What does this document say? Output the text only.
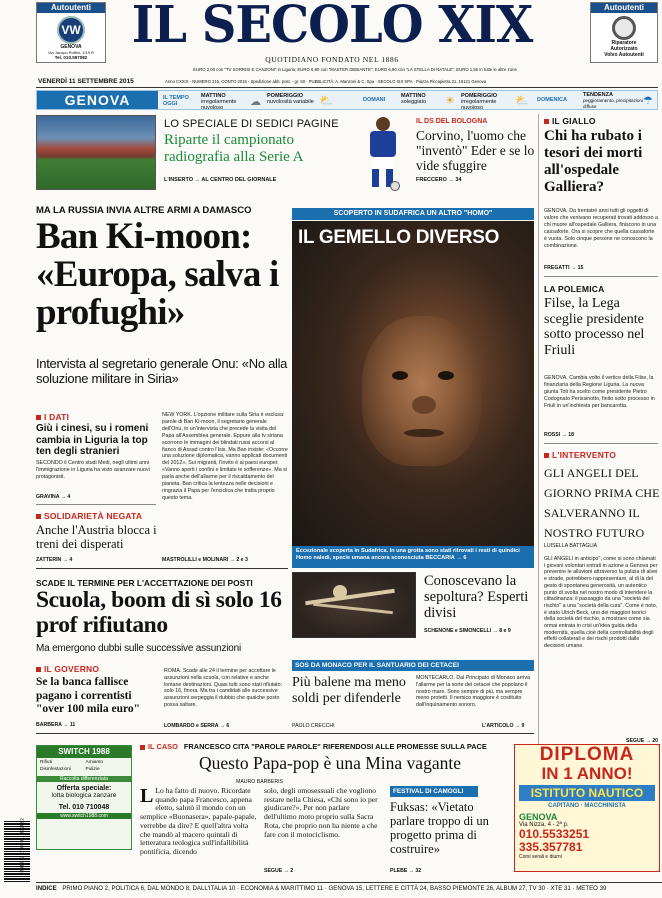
Autoutenti
VW
GENOVA
Via Jacopo Ruffini, 1/19 R
Tel. 010.597082
IL SECOLO XIX
QUOTIDIANO FONDATO NEL 1886
Autoutenti
Riparatore
Autorizzato
Volvo Autoutenti
EURO 2,00 con "TV SORRISI E CANZONI" in Liguria; EURO 6,80 con "MASTER DEBIANTE"; EURO 6,90 con "LA STELLA DI NATALE"; EURO 1,50 in tutte le altre zone
VENERDÌ 11 SETTEMBRE 2015	Anno CXXIX - NUMERO 215, CONTO 2015 - Spedizione abb. post. - gr. 50 · PUBBLICITÀ: A. Manzoni & C. Spa · SECOLO XIX SPA - Piazza Piccapietra 21, 16121 Genova
GENOVA	IL TEMPO OGGI
MATTINO
irregolarmente nuvoloso	☁ POMERIGGIO
nuvolosità variabile ⛅	DOMANI
MATTINO
soleggiato	☀ POMERIGGIO
irregolarmente nuvoloso
⛅ DOMENICA
TENDENZA
peggioramento, precipitazioni diffuse	☂
LO SPECIALE DI SEDICI PAGINE
Riparte il campionato radiografia alla Serie A
L'INSERTO → AL CENTRO DEL GIORNALE
IL DS DEL BOLOGNA
Corvino, l'uomo che "inventò" Eder e se lo vide sfuggire
FRECCERO → 34
IL GIALLO
Chi ha rubato i tesori dei morti all'ospedale Galliera?
GENOVA. Da trentatré anni tutti gli oggetti di valore che venivano recuperati trovati addosso a chi muore all'ospedale Galliera, finiscono in una cassaforte. Ora si scopre che quella cassaforte è vuota. Solo cinque persone ne conoscono la combinazione.
FREGATTI → 15
LA POLEMICA
Filse, la Lega sceglie presidente sotto processo nel Friuli
GENOVA. Cambia volto il vertice della Filse, la finanziaria della Regione Liguria. La nuova giunta Toti ha scelto come presidente Pietro Codognato Perissinotto, finito sotto processo in Friuli in un'inchiesta per bancarotta.
ROSSI → 18
L'INTERVENTO
GLI ANGELI DEL GIORNO PRIMA CHE SALVERANNO IL NOSTRO FUTURO
LUISELLA BATTAGLIA
GLI ANGELI in anticipo", come si sono chiamati i giovani volontari entrati in azione a Genova per prevenire le alluvioni attraverso la pulizia di alvei e strade, potrebbero rappresentare, al di là del gesto di spontanea generosità, un autentico punto di svolta nel nostro modo di intendere la cittadinanza: il passaggio da una "società del rischio" a una "società della cura". Come è noto, è stato Ulrich Beck, uno dei maggiori teorici della società del rischio, a mostrare come sia ormai entrata in crisi un'idea guida della modernità, quella cioè della controllabilità degli effetti collaterali e dei rischi prodotti dalle decisioni umane.
SEGUE → 20
MA LA RUSSIA INVIA ALTRE ARMI A DAMASCO
Ban Ki-moon: «Europa, salva i profughi»
Intervista al segretario generale Onu: «No alla soluzione militare in Siria»
NEW YORK. L'opzione militare sulla Siria è esclusa: parole di Ban Ki-moon, il segretario generale dell'Onu, in un'intervista che precede la visita del Papa all'Assemblea generale. Eppure alla tv siriana scorrono le immagini dei blindati russi accorsi al fianco di Assad contro l'Isis. Ma Ban insiste: «Occorre una soluzione diplomatica, vanno applicati documenti del 2012». Sui migranti, l'invito è ai paesi europei: «Vanno aperti i confini e limitate le sofferenze». Ma si parla anche dell'allarme per il riscaldamento del pianeta. Ban critica la lentezza nelle decisioni e ringrazia il Papa per l'enciclica che tratta proprio questo tema.
MASTROLILLI e MOLINARI → 2 e 3
I DATI
Giù i cinesi, su i romeni cambia in Liguria la top ten degli stranieri
SECONDO il Centro studi Medi, negli ultimi anni l'immigrazione in Liguria ha visto avanzare nuovi protagonisti.
GRAVINA → 4
SOLIDARIETÀ NEGATA
Anche l'Austria blocca i treni dei disperati
ZATTERIN → 4
SCOPERTO IN SUDAFRICA UN ALTRO "HOMO"
IL GEMELLO DIVERSO
Eccezionale scoperta in Sudafrica. In una grotta sono stati ritrovati i resti di quindici Homo naledi, specie umana ancora sconosciuta BECCARIA → 6
Conoscevano la sepoltura? Esperti divisi
SCHENONE e SIMONCELLI → 8 e 9
SCADE IL TERMINE PER L'ACCETTAZIONE DEI POSTI
Scuola, boom di sì solo 16 prof rifiutano
Ma emergono dubbi sulle successive assunzioni
IL GOVERNO
Se la banca fallisce pagano i correntisti "over 100 mila euro"
BARBERA → 11
ROMA. Scade alle 24 il termine per accettare le assunzioni nella scuola, con relative e anche lontane destinazioni. Quasi tutti sono stati rifiutato: solo 16, finora. Ma tra i candidati alle successive assunzioni serpeggia il dubbio che qualche posto possa saltare.
LOMBARDO e SERRA → 6
SOS DA MONACO PER IL SANTUARIO DEI CETACEI
Più balene ma meno soldi per difenderle
PAOLO CRECCHI
MONTECARLO. Dal Principato di Monaco arriva l'allarme per la sorte dei cetacei che popolano il nostro mare. Sono sempre di più, ma sempre meno protetti. Il nemico maggiore è costituito dall'inquinamento sonoro.
L'ARTICOLO → 9
SWITCH 1988
Rifiuti	Amianto
Disinfestazioni	Pulizie
Raccolta differenziata
Offerta speciale:
lotta biologica zanzare
Tel. 010 710048
www.switch1988.com
IL CASO FRANCESCO CITA "PAROLE PAROLE" RIFERENDOSI ALLE PROMESSE SULLA PACE
Questo Papa-pop è una Mina vagante
MAURO BARBERIS
L Lo ha fatto di nuovo. Ricordate quando papa Francesco, appena eletto, salutò il mondo con un semplice «Buonasera», papale-papale, verrebbe da dire? E quell'altra volta che mandò al macero quintali di letteratura teologica sull'infallibilità pontificia, dicendo
solo, degli omosessuali che vogliono restare nella Chiesa, «Chi sono io per giudicare?». Per non parlare dell'ultimo moto proprio sulla Sacra Rota, che proprio non ha niente a che fare con il motociclismo.
SEGUE → 2
FESTIVAL DI CAMOGLI
Fuksas: «Vietato parlare troppo di un progetto prima di costruire»
PLEBE → 32
DIPLOMA
IN 1 ANNO!
ISTITUTO NAUTICO
CAPITANO · MACCHINISTA
GENOVA
Via Nizza, 4 - 2ª p.
010.5533251
335.357781
Corsi serali e diurni
80910 9 770391 892002
INDICE PRIMO PIANO 2, POLITICA 6, DAL MONDO 8, DALL'ITALIA 10 · ECONOMIA & MARITTIMO 11 · GENOVA 15, LETTERE E CITTÀ 24, BASSO PIEMONTE 26, ALBUM 27, TV 30 · XTE 31 · METEO 39
